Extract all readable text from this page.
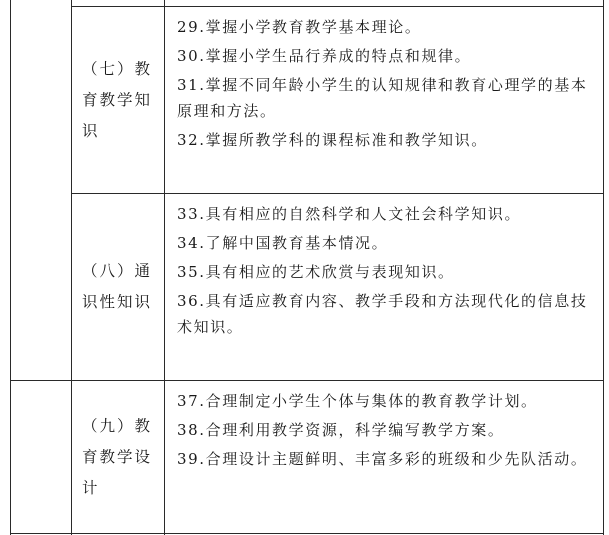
（七）教育教学知识
29.掌握小学教育教学基本理论。
30.掌握小学生品行养成的特点和规律。
31.掌握不同年龄小学生的认知规律和教育心理学的基本原理和方法。
32.掌握所教学科的课程标准和教学知识。
（八）通识性知识
33.具有相应的自然科学和人文社会科学知识。
34.了解中国教育基本情况。
35.具有相应的艺术欣赏与表现知识。
36.具有适应教育内容、教学手段和方法现代化的信息技术知识。
（九）教育教学设计
37.合理制定小学生个体与集体的教育教学计划。
38.合理利用教学资源，科学编写教学方案。
39.合理设计主题鲜明、丰富多彩的班级和少先队活动。
